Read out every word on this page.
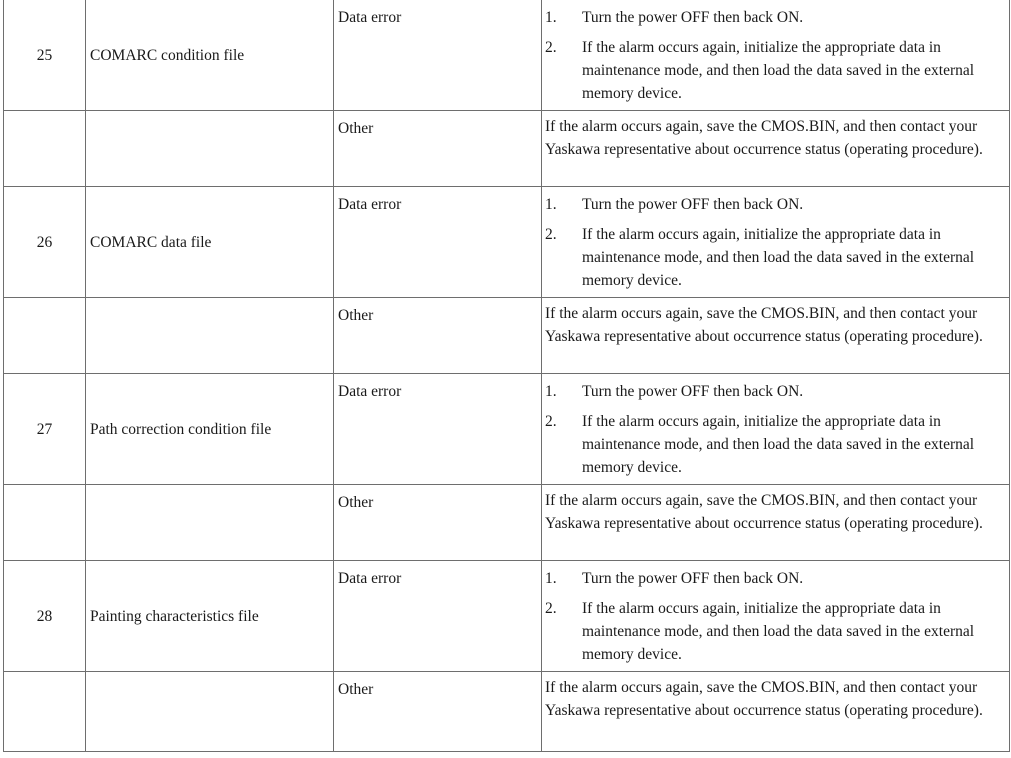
25	COMARC condition file	Data error	1. Turn the power OFF then back ON.
2. If the alarm occurs again, initialize the appropriate data in maintenance mode, and then load the data saved in the external memory device.

		Other	If the alarm occurs again, save the CMOS.BIN, and then contact your Yaskawa representative about occurrence status (operating procedure).
26	COMARC data file	Data error	1. Turn the power OFF then back ON.
2. If the alarm occurs again, initialize the appropriate data in maintenance mode, and then load the data saved in the external memory device.

		Other	If the alarm occurs again, save the CMOS.BIN, and then contact your Yaskawa representative about occurrence status (operating procedure).
27	Path correction condition file	Data error	1. Turn the power OFF then back ON.
2. If the alarm occurs again, initialize the appropriate data in maintenance mode, and then load the data saved in the external memory device.

		Other	If the alarm occurs again, save the CMOS.BIN, and then contact your Yaskawa representative about occurrence status (operating procedure).
28	Painting characteristics file	Data error	1. Turn the power OFF then back ON.
2. If the alarm occurs again, initialize the appropriate data in maintenance mode, and then load the data saved in the external memory device.

		Other	If the alarm occurs again, save the CMOS.BIN, and then contact your Yaskawa representative about occurrence status (operating procedure).
